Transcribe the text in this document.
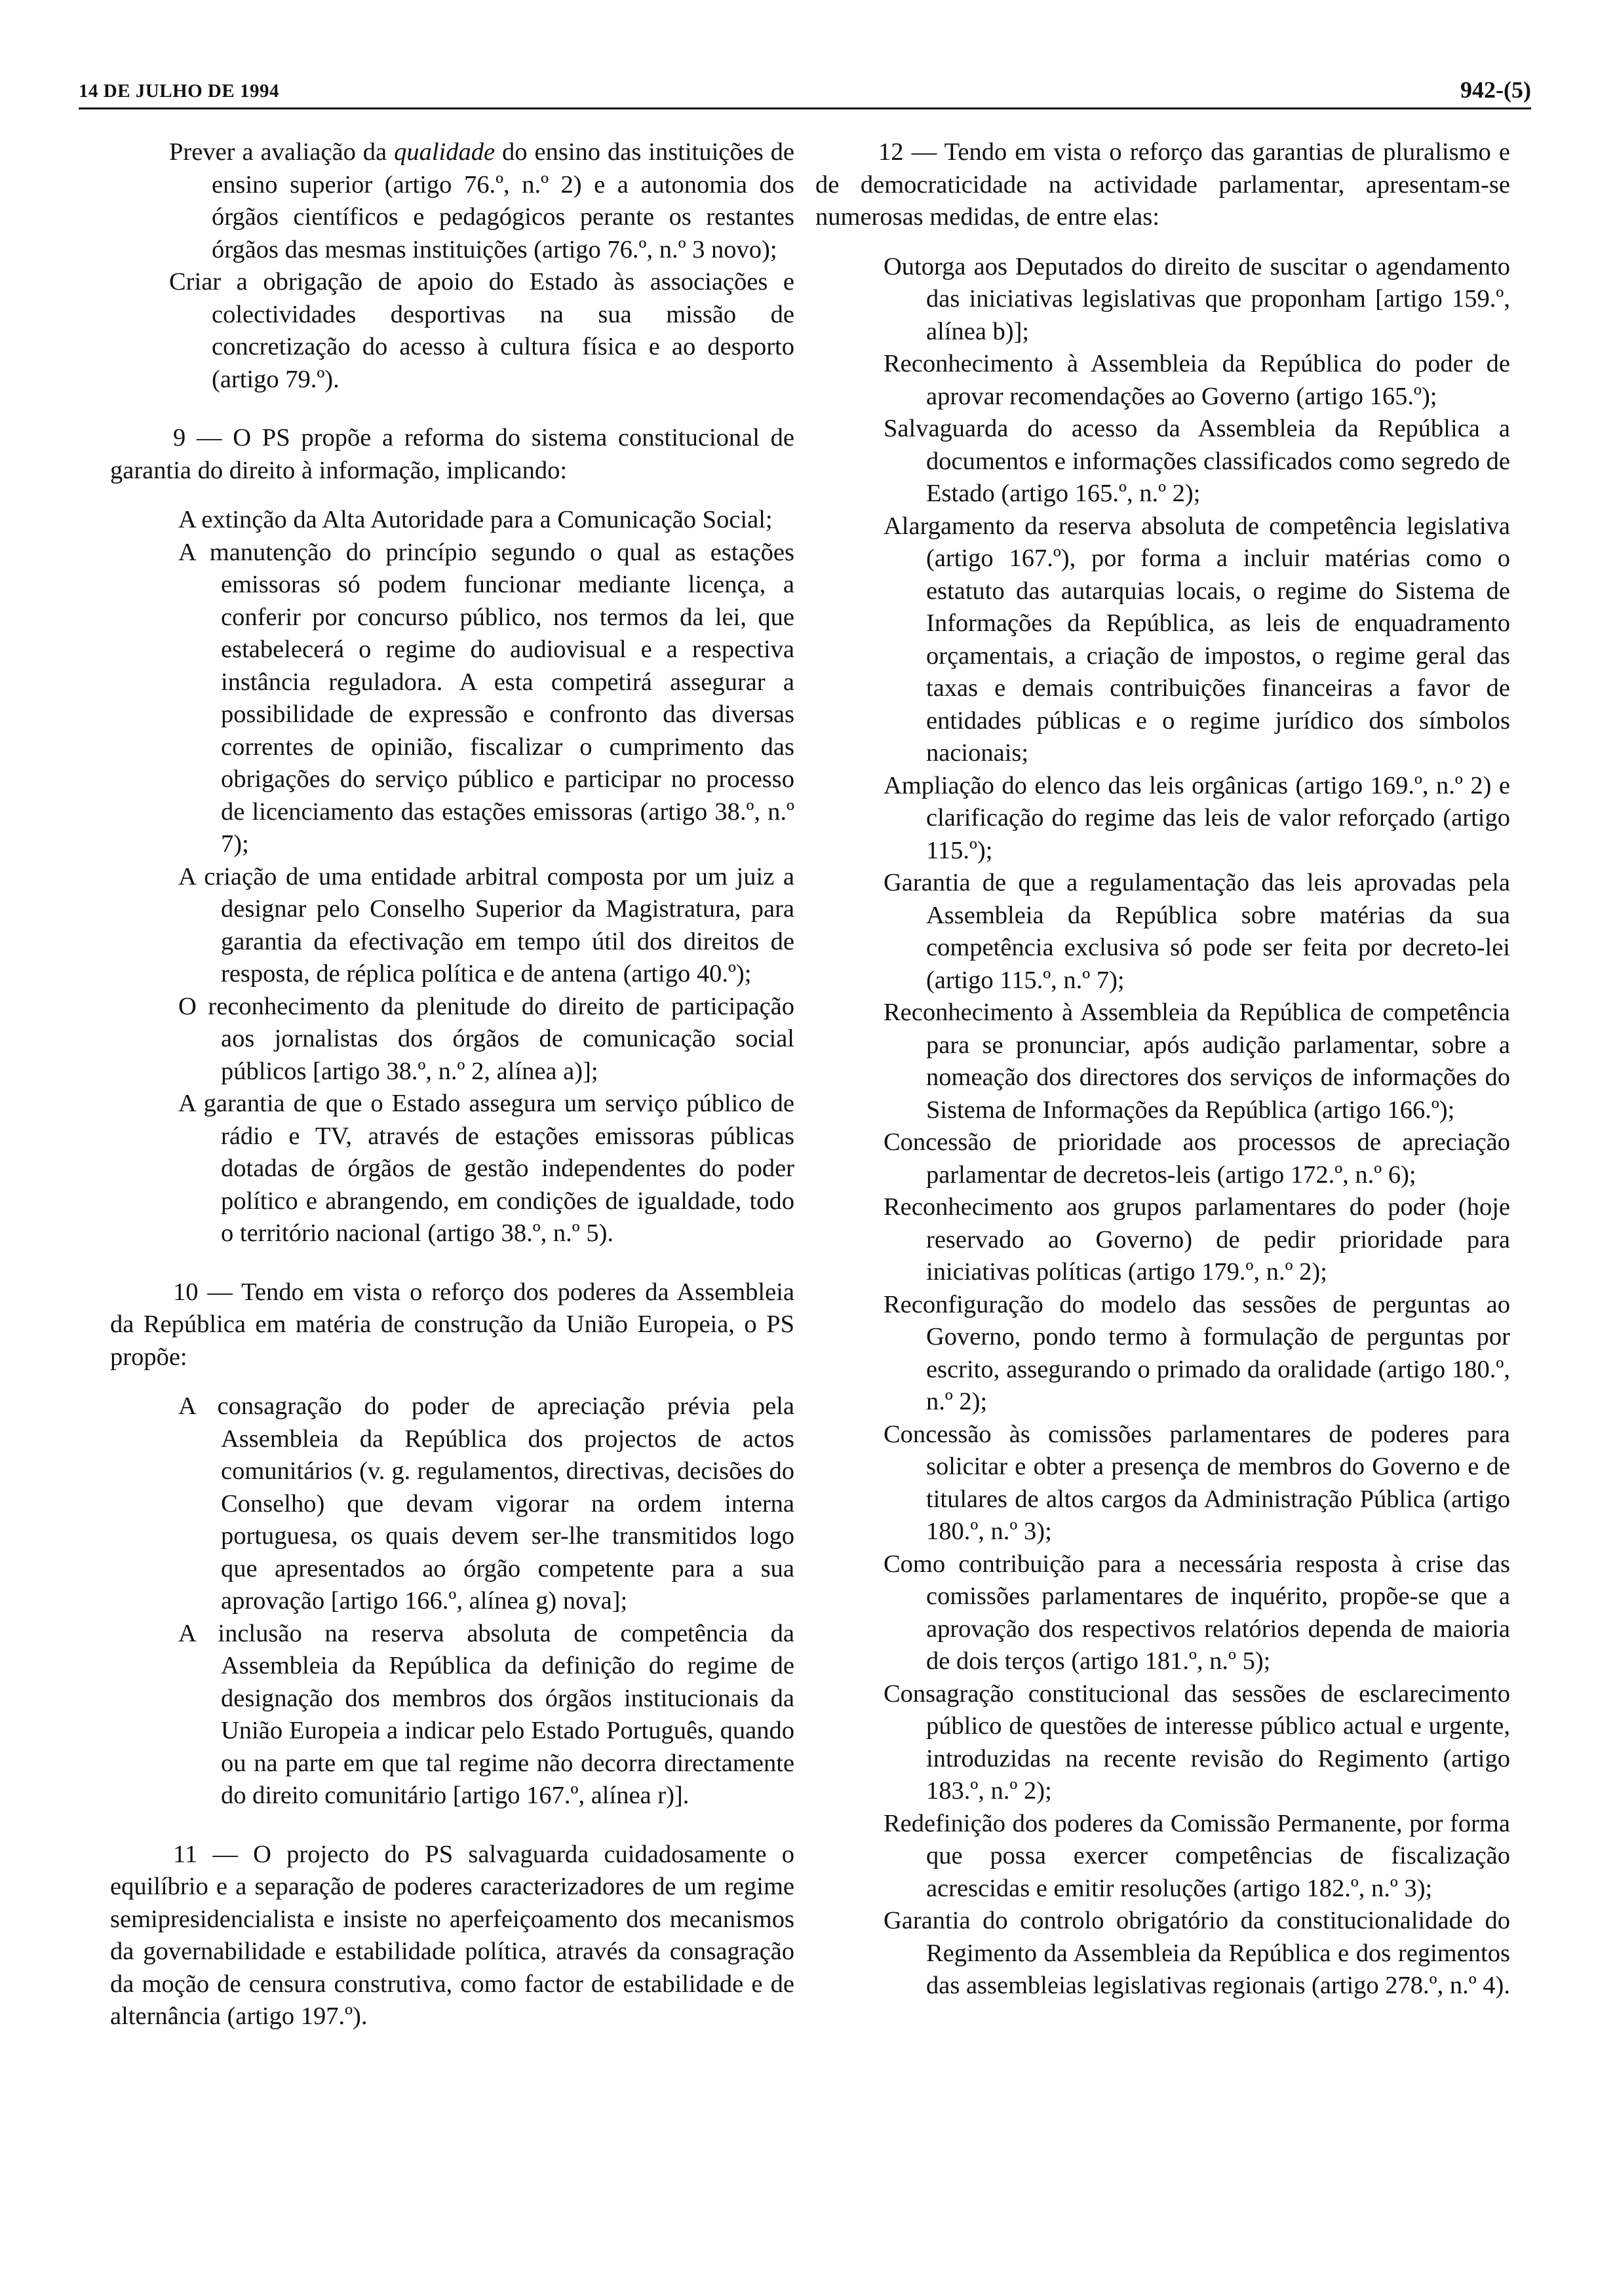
14 DE JULHO DE 1994	942-(5)

Prever a avaliação da qualidade do ensino das instituições de ensino superior (artigo 76.º, n.º 2) e a autonomia dos órgãos científicos e pedagógicos perante os restantes órgãos das mesmas instituições (artigo 76.º, n.º 3 novo);

Criar a obrigação de apoio do Estado às associações e colectividades desportivas na sua missão de concretização do acesso à cultura física e ao desporto (artigo 79.º).

9 — O PS propõe a reforma do sistema constitucional de garantia do direito à informação, implicando:

A extinção da Alta Autoridade para a Comunicação Social;

A manutenção do princípio segundo o qual as estações emissoras só podem funcionar mediante licença, a conferir por concurso público, nos termos da lei, que estabelecerá o regime do audiovisual e a respectiva instância reguladora. A esta competirá assegurar a possibilidade de expressão e confronto das diversas correntes de opinião, fiscalizar o cumprimento das obrigações do serviço público e participar no processo de licenciamento das estações emissoras (artigo 38.º, n.º 7);

A criação de uma entidade arbitral composta por um juiz a designar pelo Conselho Superior da Magistratura, para garantia da efectivação em tempo útil dos direitos de resposta, de réplica política e de antena (artigo 40.º);

O reconhecimento da plenitude do direito de participação aos jornalistas dos órgãos de comunicação social públicos [artigo 38.º, n.º 2, alínea a)];

A garantia de que o Estado assegura um serviço público de rádio e TV, através de estações emissoras públicas dotadas de órgãos de gestão independentes do poder político e abrangendo, em condições de igualdade, todo o território nacional (artigo 38.º, n.º 5).

10 — Tendo em vista o reforço dos poderes da Assembleia da República em matéria de construção da União Europeia, o PS propõe:

A consagração do poder de apreciação prévia pela Assembleia da República dos projectos de actos comunitários (v. g. regulamentos, directivas, decisões do Conselho) que devam vigorar na ordem interna portuguesa, os quais devem ser-lhe transmitidos logo que apresentados ao órgão competente para a sua aprovação [artigo 166.º, alínea g) nova];

A inclusão na reserva absoluta de competência da Assembleia da República da definição do regime de designação dos membros dos órgãos institucionais da União Europeia a indicar pelo Estado Português, quando ou na parte em que tal regime não decorra directamente do direito comunitário [artigo 167.º, alínea r)].

11 — O projecto do PS salvaguarda cuidadosamente o equilíbrio e a separação de poderes caracterizadores de um regime semipresidencialista e insiste no aperfeiçoamento dos mecanismos da governabilidade e estabilidade política, através da consagração da moção de censura construtiva, como factor de estabilidade e de alternância (artigo 197.º).

12 — Tendo em vista o reforço das garantias de pluralismo e de democraticidade na actividade parlamentar, apresentam-se numerosas medidas, de entre elas:

Outorga aos Deputados do direito de suscitar o agendamento das iniciativas legislativas que proponham [artigo 159.º, alínea b)];

Reconhecimento à Assembleia da República do poder de aprovar recomendações ao Governo (artigo 165.º);

Salvaguarda do acesso da Assembleia da República a documentos e informações classificados como segredo de Estado (artigo 165.º, n.º 2);

Alargamento da reserva absoluta de competência legislativa (artigo 167.º), por forma a incluir matérias como o estatuto das autarquias locais, o regime do Sistema de Informações da República, as leis de enquadramento orçamentais, a criação de impostos, o regime geral das taxas e demais contribuições financeiras a favor de entidades públicas e o regime jurídico dos símbolos nacionais;

Ampliação do elenco das leis orgânicas (artigo 169.º, n.º 2) e clarificação do regime das leis de valor reforçado (artigo 115.º);

Garantia de que a regulamentação das leis aprovadas pela Assembleia da República sobre matérias da sua competência exclusiva só pode ser feita por decreto-lei (artigo 115.º, n.º 7);

Reconhecimento à Assembleia da República de competência para se pronunciar, após audição parlamentar, sobre a nomeação dos directores dos serviços de informações do Sistema de Informações da República (artigo 166.º);

Concessão de prioridade aos processos de apreciação parlamentar de decretos-leis (artigo 172.º, n.º 6);

Reconhecimento aos grupos parlamentares do poder (hoje reservado ao Governo) de pedir prioridade para iniciativas políticas (artigo 179.º, n.º 2);

Reconfiguração do modelo das sessões de perguntas ao Governo, pondo termo à formulação de perguntas por escrito, assegurando o primado da oralidade (artigo 180.º, n.º 2);

Concessão às comissões parlamentares de poderes para solicitar e obter a presença de membros do Governo e de titulares de altos cargos da Administração Pública (artigo 180.º, n.º 3);

Como contribuição para a necessária resposta à crise das comissões parlamentares de inquérito, propõe-se que a aprovação dos respectivos relatórios dependa de maioria de dois terços (artigo 181.º, n.º 5);

Consagração constitucional das sessões de esclarecimento público de questões de interesse público actual e urgente, introduzidas na recente revisão do Regimento (artigo 183.º, n.º 2);

Redefinição dos poderes da Comissão Permanente, por forma que possa exercer competências de fiscalização acrescidas e emitir resoluções (artigo 182.º, n.º 3);

Garantia do controlo obrigatório da constitucionalidade do Regimento da Assembleia da República e dos regimentos das assembleias legislativas regionais (artigo 278.º, n.º 4).
